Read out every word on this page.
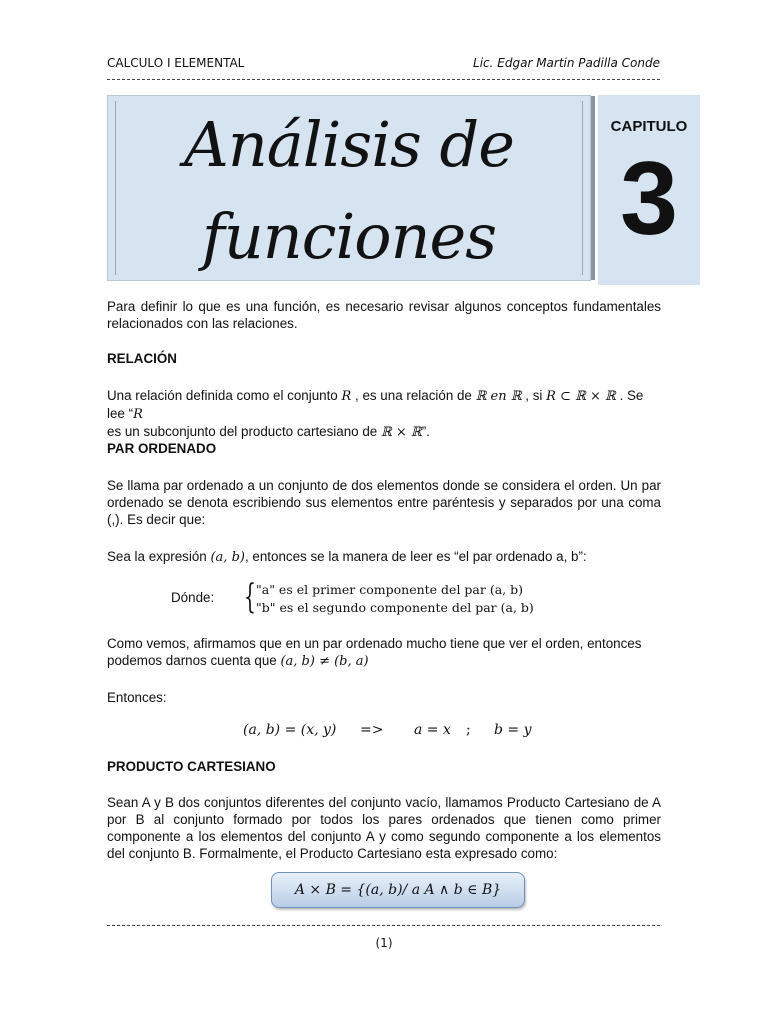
CALCULO I ELEMENTAL	Lic. Edgar Martin Padilla Conde
Análisis de
funciones
CAPITULO
3
Para definir lo que es una función, es necesario revisar algunos conceptos fundamentales relacionados con las relaciones.
RELACIÓN
Una relación definida como el conjunto R , es una relación de ℝ en ℝ , si R ⊂ ℝ × ℝ . Se lee “R
es un subconjunto del producto cartesiano de ℝ × ℝ”.
PAR ORDENADO
Se llama par ordenado a un conjunto de dos elementos donde se considera el orden. Un par ordenado se denota escribiendo sus elementos entre paréntesis y separados por una coma (,). Es decir que:
Sea la expresión (a, b), entonces se la manera de leer es “el par ordenado a, b”:
Dónde: { "a" es el primer componente del par (a, b)
"b" es el segundo componente del par (a, b)
Como vemos, afirmamos que en un par ordenado mucho tiene que ver el orden, entonces podemos darnos cuenta que (a, b) ≠ (b, a)
Entonces:
(a, b) = (x, y) => a = x ; b = y
PRODUCTO CARTESIANO
Sean A y B dos conjuntos diferentes del conjunto vacío, llamamos Producto Cartesiano de A por B al conjunto formado por todos los pares ordenados que tienen como primer componente a los elementos del conjunto A y como segundo componente a los elementos del conjunto B. Formalmente, el Producto Cartesiano esta expresado como:
A × B = {(a, b)/ a A ∧ b ∈ B}
(1)
